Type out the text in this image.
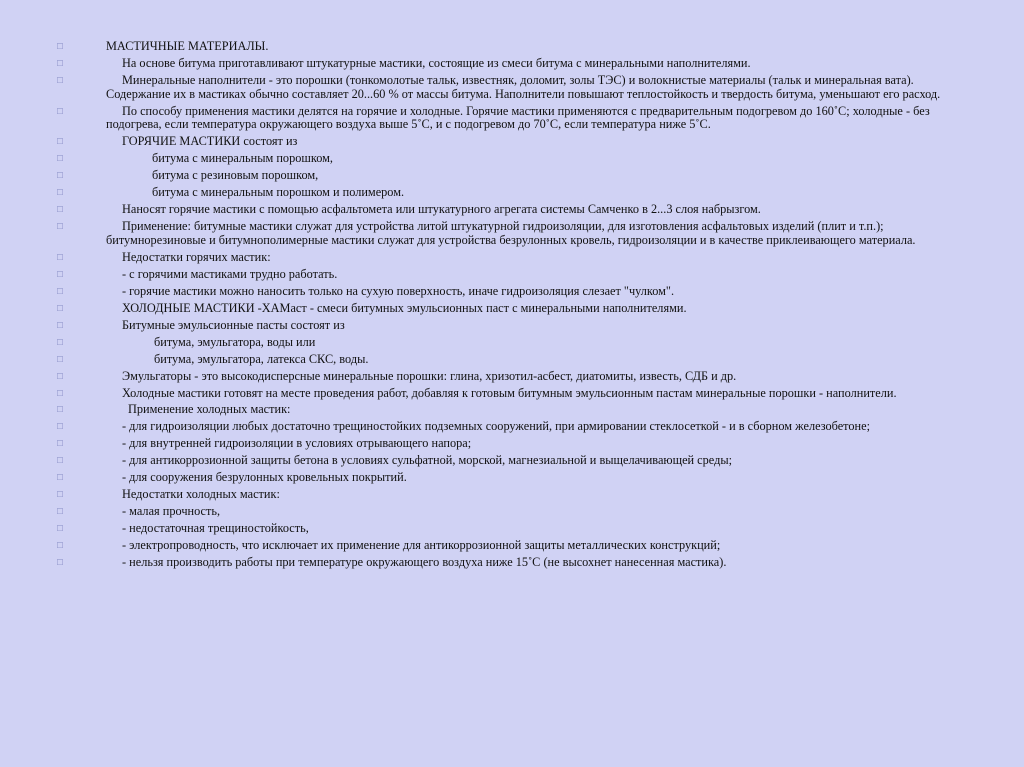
☐	МАСТИЧНЫЕ МАТЕРИАЛЫ.
☐	На основе битума приготавливают штукатурные мастики, состоящие из смеси битума с минеральными наполнителями.
☐	Минеральные наполнители - это порошки (тонкомолотые тальк, известняк, доломит, золы ТЭС) и волокнистые материалы (тальк и минеральная вата). Содержание их в мастиках обычно составляет 20...60 % от массы битума. Наполнители повышают теплостойкость и твердость битума, уменьшают его расход.
☐	По способу применения мастики делятся на горячие и холодные. Горячие мастики применяются с предварительным подогревом до 160˚С; холодные - без подогрева, если температура окружающего воздуха выше 5˚С, и с подогревом до 70˚С, если температура ниже 5˚С.
☐	ГОРЯЧИЕ МАСТИКИ состоят из
☐	битума с минеральным порошком,
☐	битума с резиновым порошком,
☐	битума с минеральным порошком и полимером.
☐	Наносят горячие мастики с помощью асфальтомета или штукатурного агрегата системы Самченко в 2...3 слоя набрызгом.
☐	Применение: битумные мастики служат для устройства литой штукатурной гидроизоляции, для изготовления асфальтовых изделий (плит и т.п.); битумнорезиновые и битумнополимерные мастики служат для устройства безрулонных кровель, гидроизоляции и в качестве приклеивающего материала.
☐	Недостатки горячих мастик:
☐	- с горячими мастиками трудно работать.
☐	- горячие мастики можно наносить только на сухую поверхность, иначе гидроизоляция слезает "чулком".
☐	ХОЛОДНЫЕ МАСТИКИ -ХАМаст - смеси битумных эмульсионных паст с минеральными наполнителями.
☐	Битумные эмульсионные пасты состоят из
☐	битума, эмульгатора, воды или
☐	битума, эмульгатора, латекса СКС, воды.
☐	Эмульгаторы - это высокодисперсные минеральные порошки: глина, хризотил-асбест, диатомиты, известь, СДБ и др.
☐	Холодные мастики готовят на месте проведения работ, добавляя к готовым битумным эмульсионным пастам минеральные порошки - наполнители.
☐	Применение холодных мастик:
☐	- для гидроизоляции любых достаточно трещиностойких подземных сооружений, при армировании стеклосеткой - и в сборном железобетоне;
☐	- для внутренней гидроизоляции в условиях отрывающего напора;
☐	- для антикоррозионной защиты бетона в условиях сульфатной, морской, магнезиальной и выщелачивающей среды;
☐	- для сооружения безрулонных кровельных покрытий.
☐	Недостатки холодных мастик:
☐	- малая прочность,
☐	- недостаточная трещиностойкость,
☐	- электропроводность, что исключает их применение для антикоррозионной защиты металлических конструкций;
☐	- нельзя производить работы при температуре окружающего воздуха ниже 15˚С (не высохнет нанесенная мастика).
